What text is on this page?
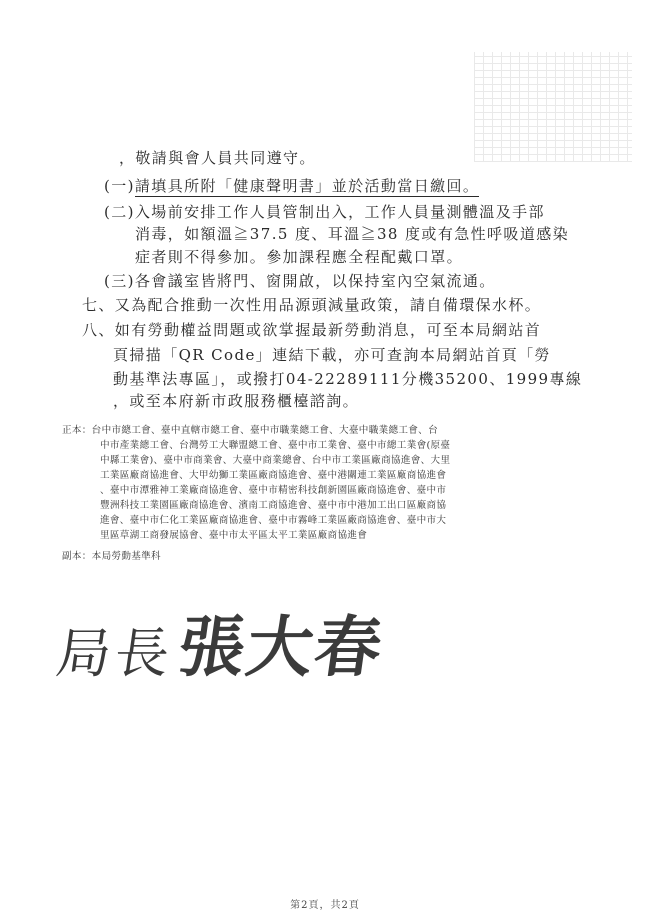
，敬請與會人員共同遵守。
(一)請填具所附「健康聲明書」並於活動當日繳回。
(二)入場前安排工作人員管制出入，工作人員量測體溫及手部
消毒，如額溫≧37.5 度、耳溫≧38 度或有急性呼吸道感染
症者則不得參加。參加課程應全程配戴口罩。
(三)各會議室皆將門、窗開啟，以保持室內空氣流通。
七、又為配合推動一次性用品源頭減量政策，請自備環保水杯。
八、如有勞動權益問題或欲掌握最新勞動消息，可至本局網站首
頁掃描「QR Code」連結下載，亦可查詢本局網站首頁「勞
動基準法專區」，或撥打04-22289111分機35200、1999專線
，或至本府新市政服務櫃檯諮詢。
正本：台中市總工會、臺中直轄市總工會、臺中市職業總工會、大臺中職業總工會、台
中市產業總工會、台灣勞工大聯盟總工會、臺中市工業會、臺中市總工業會(原臺
中縣工業會)、臺中市商業會、大臺中商業總會、台中市工業區廠商協進會、大里
工業區廠商協進會、大甲幼獅工業區廠商協進會、臺中港關連工業區廠商協進會
、臺中市潭雅神工業廠商協進會、臺中市精密科技創新園區廠商協進會、臺中市
豐洲科技工業園區廠商協進會、濱南工商協進會、臺中市中港加工出口區廠商協
進會、臺中市仁化工業區廠商協進會、臺中市霧峰工業區廠商協進會、臺中市大
里區草湖工商發展協會、臺中市太平區太平工業區廠商協進會
副本：本局勞動基準科
局長
張大春
第2頁，共2頁
